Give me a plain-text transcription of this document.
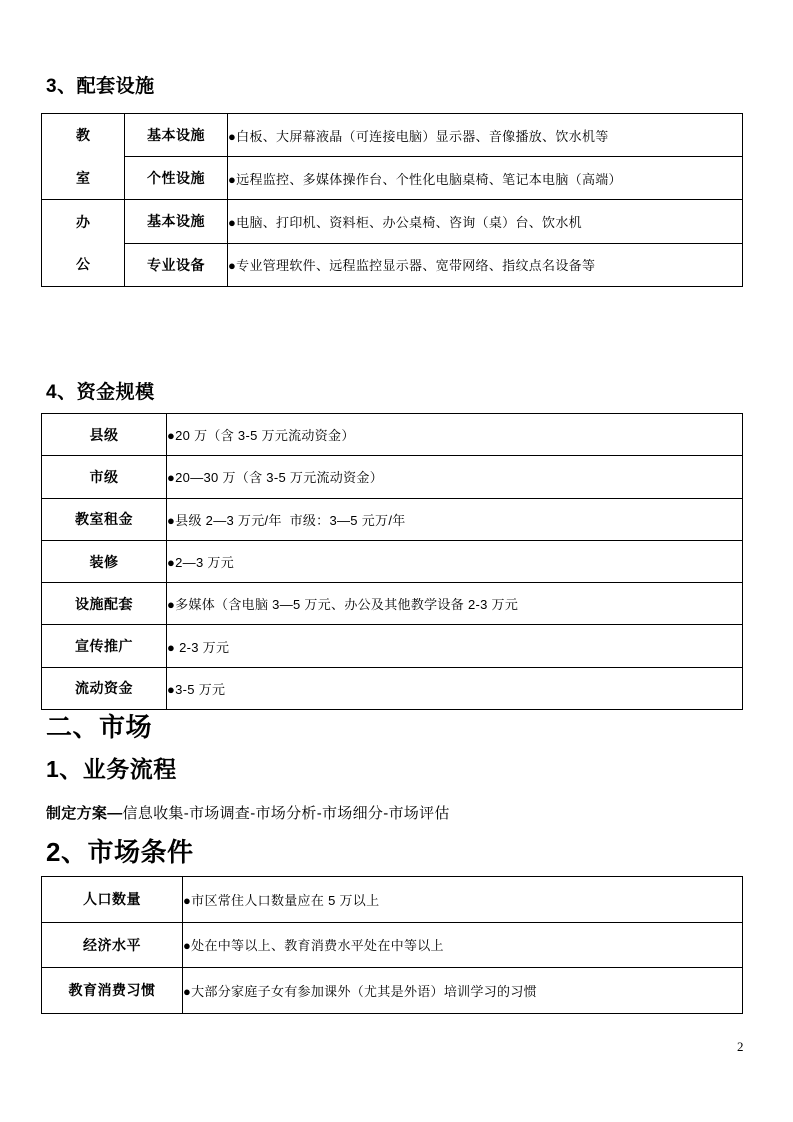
3、配套设施
教
室	基本设施	●白板、大屏幕液晶（可连接电脑）显示器、音像播放、饮水机等
	个性设施	●远程监控、多媒体操作台、个性化电脑桌椅、笔记本电脑（高端）

办
公	基本设施	●电脑、打印机、资料柜、办公桌椅、咨询（桌）台、饮水机
	专业设备	●专业管理软件、远程监控显示器、宽带网络、指纹点名设备等
4、资金规模
县级	●20 万（含 3-5 万元流动资金）
市级	●20—30 万（含 3-5 万元流动资金）
教室租金	●县级 2—3 万元/年  市级：3—5 元万/年
装修	●2—3 万元
设施配套	●多媒体（含电脑 3—5 万元、办公及其他教学设备 2-3 万元
宣传推广	● 2-3 万元
流动资金	●3-5 万元
二、市场
1、业务流程
制定方案—信息收集-市场调查-市场分析-市场细分-市场评估
2、市场条件
人口数量	●市区常住人口数量应在 5 万以上
经济水平	●处在中等以上、教育消费水平处在中等以上
教育消费习惯	●大部分家庭子女有参加课外（尤其是外语）培训学习的习惯
2
